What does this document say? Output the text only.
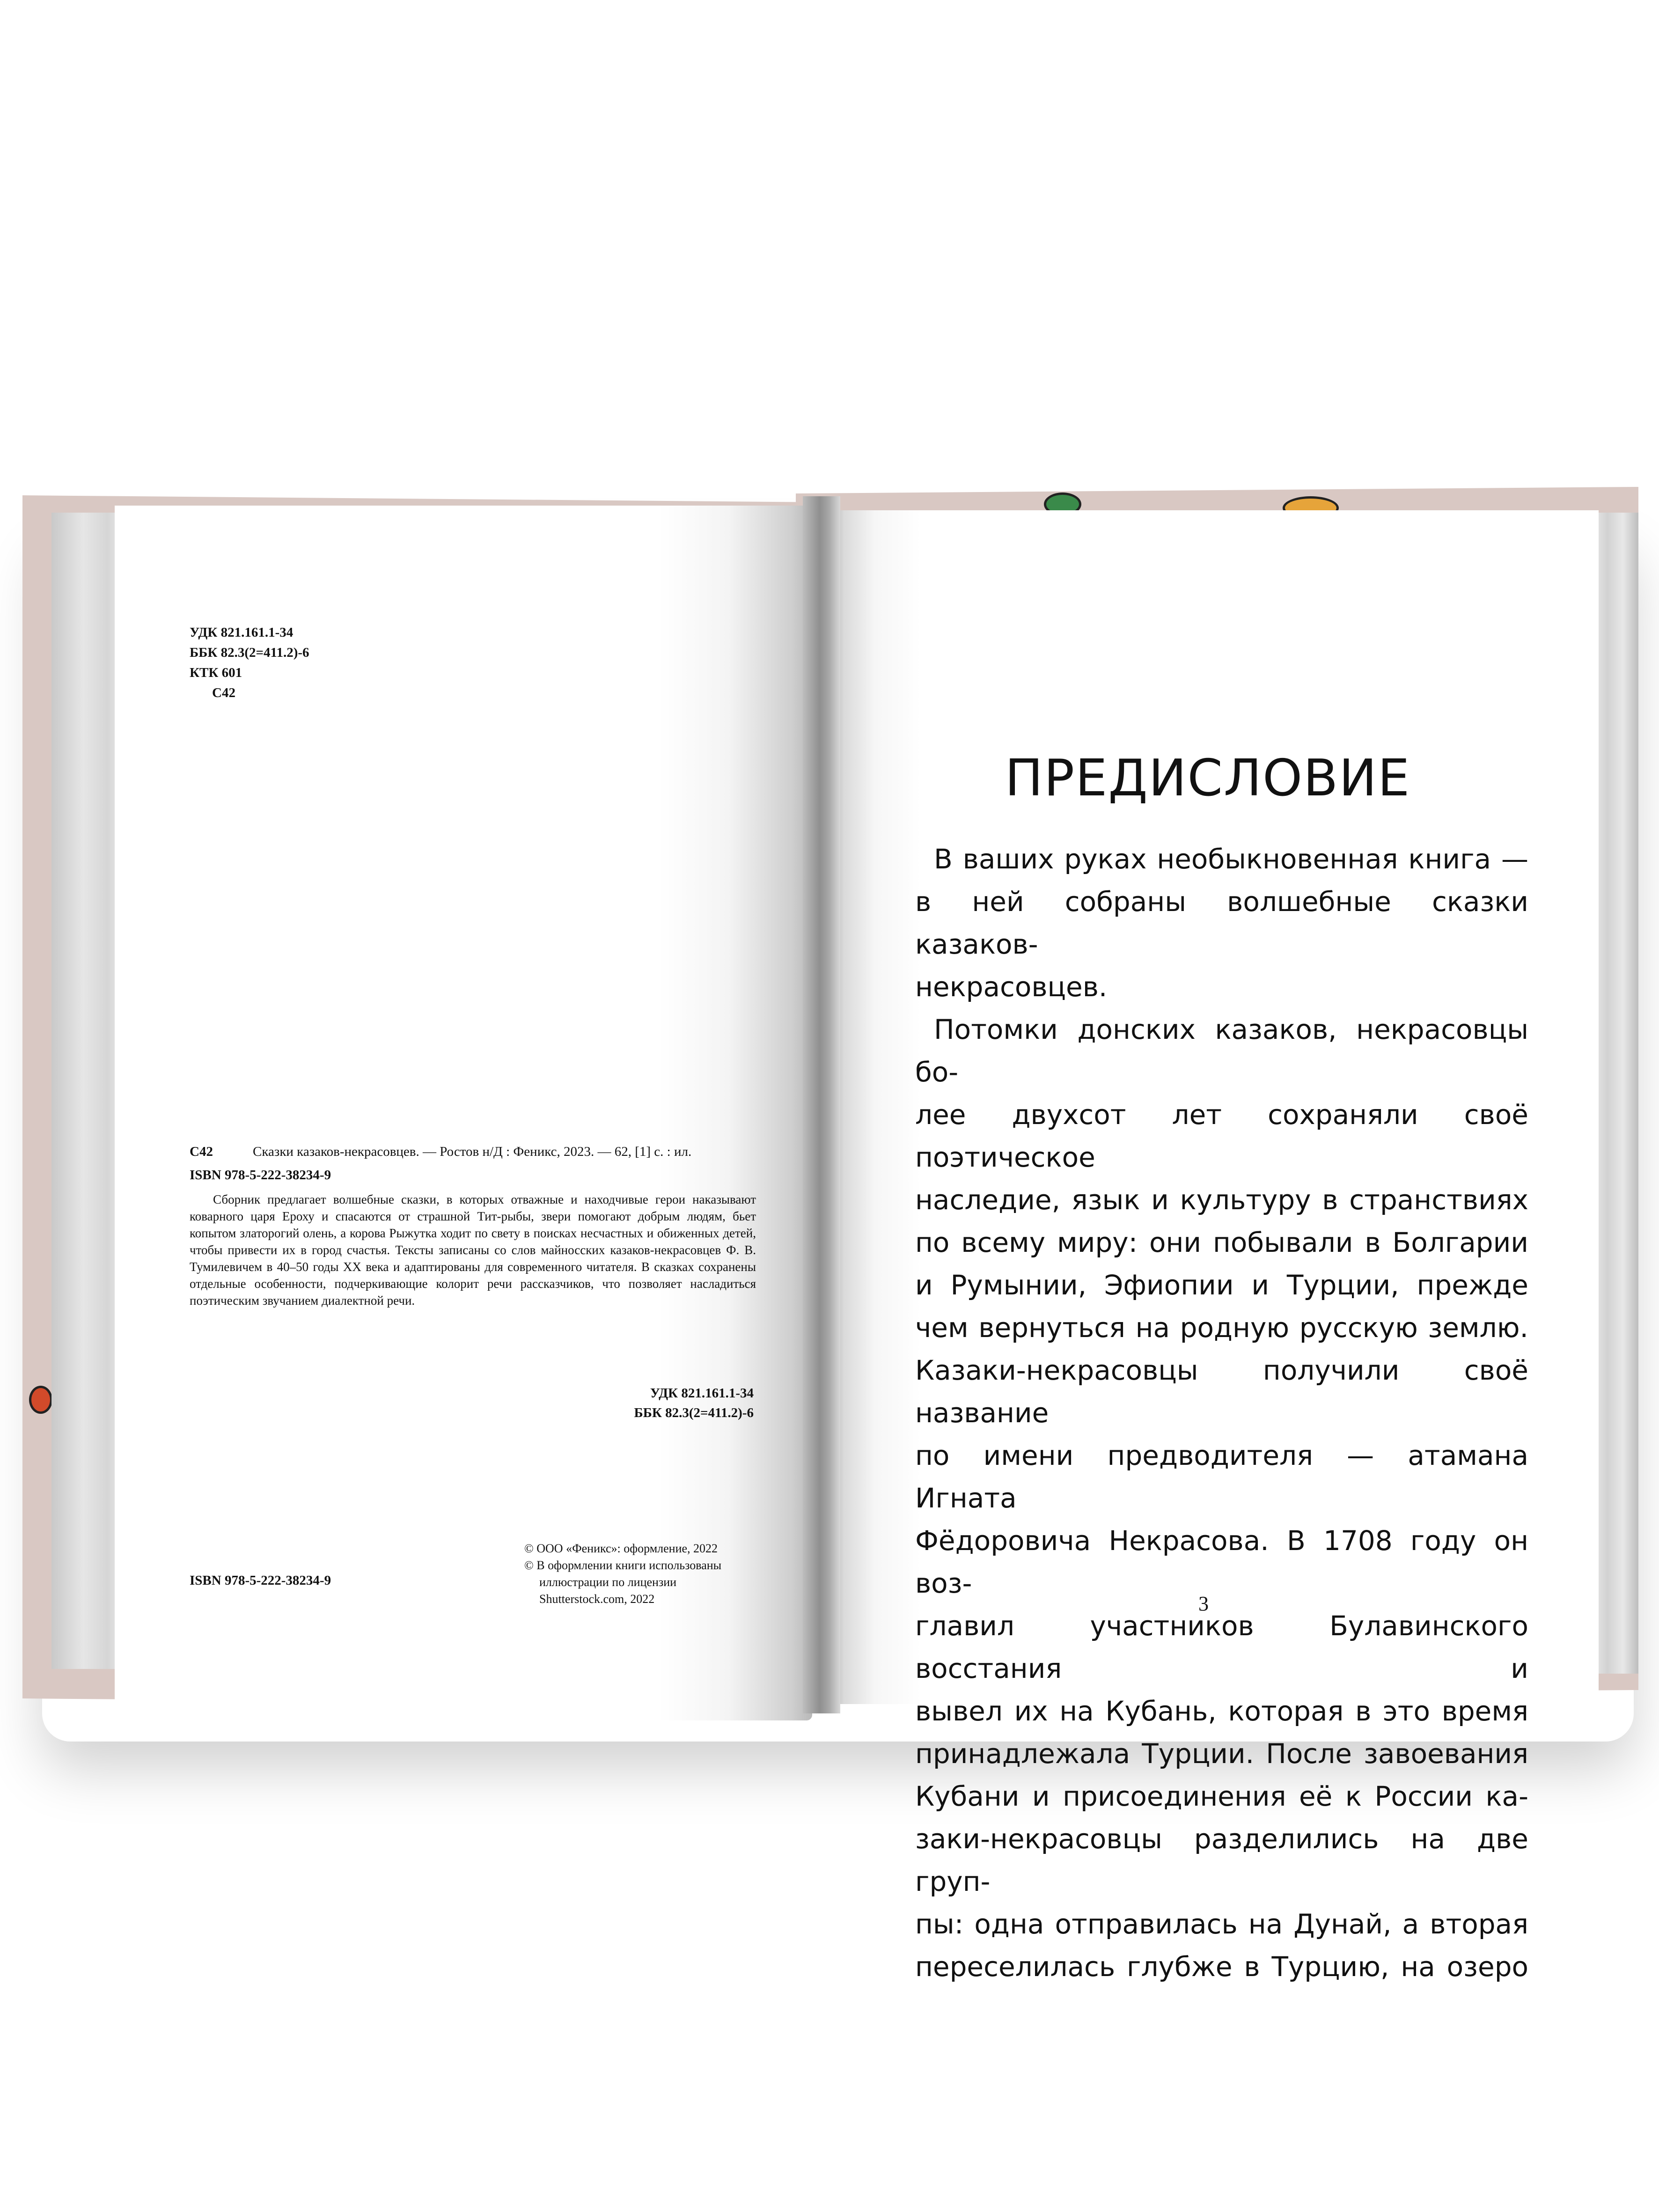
УДК 821.161.1-34
ББК 82.3(2=411.2)-6
КТК 601
С42
С42	Сказки казаков-некрасовцев. — Ростов н/Д : Феникс, 2023. — 62, [1] с. : ил.
ISBN 978-5-222-38234-9
Сборник предлагает волшебные сказки, в которых отважные и находчивые герои наказывают коварного царя Ероху и спасаются от страшной Тит-рыбы, звери помогают добрым людям, бьет копытом златорогий олень, а корова Рыжутка ходит по свету в поисках несчастных и обиженных детей, чтобы привести их в город счастья. Тексты записаны со слов майносских казаков-некрасовцев Ф. В. Тумилевичем в 40–50 годы XX века и адаптированы для современного читателя. В сказках сохранены отдельные особенности, подчеркивающие колорит речи рассказчиков, что позволяет насладиться поэтическим звучанием диалектной речи.
УДК 821.161.1-34
ББК 82.3(2=411.2)-6
© ООО «Феникс»: оформление, 2022
© В оформлении книги использованы
иллюстрации по лицензии
Shutterstock.com, 2022
ISBN 978-5-222-38234-9
ПРЕДИСЛОВИЕ
В ваших руках необыкновенная книга —
в ней собраны волшебные сказки казаков-
некрасовцев.
Потомки донских казаков, некрасовцы бо-
лее двухсот лет сохраняли своё поэтическое
наследие, язык и культуру в странствиях
по всему миру: они побывали в Болгарии
и Румынии, Эфиопии и Турции, прежде
чем вернуться на родную русскую землю.
Казаки-некрасовцы получили своё название
по имени предводителя — атамана Игната
Фёдоровича Некрасова. В 1708 году он воз-
главил участников Булавинского восстания и
вывел их на Кубань, которая в это время
принадлежала Турции. После завоевания
Кубани и присоединения её к России ка-
заки-некрасовцы разделились на две груп-
пы: одна отправилась на Дунай, а вторая
переселилась глубже в Турцию, на озеро
3
